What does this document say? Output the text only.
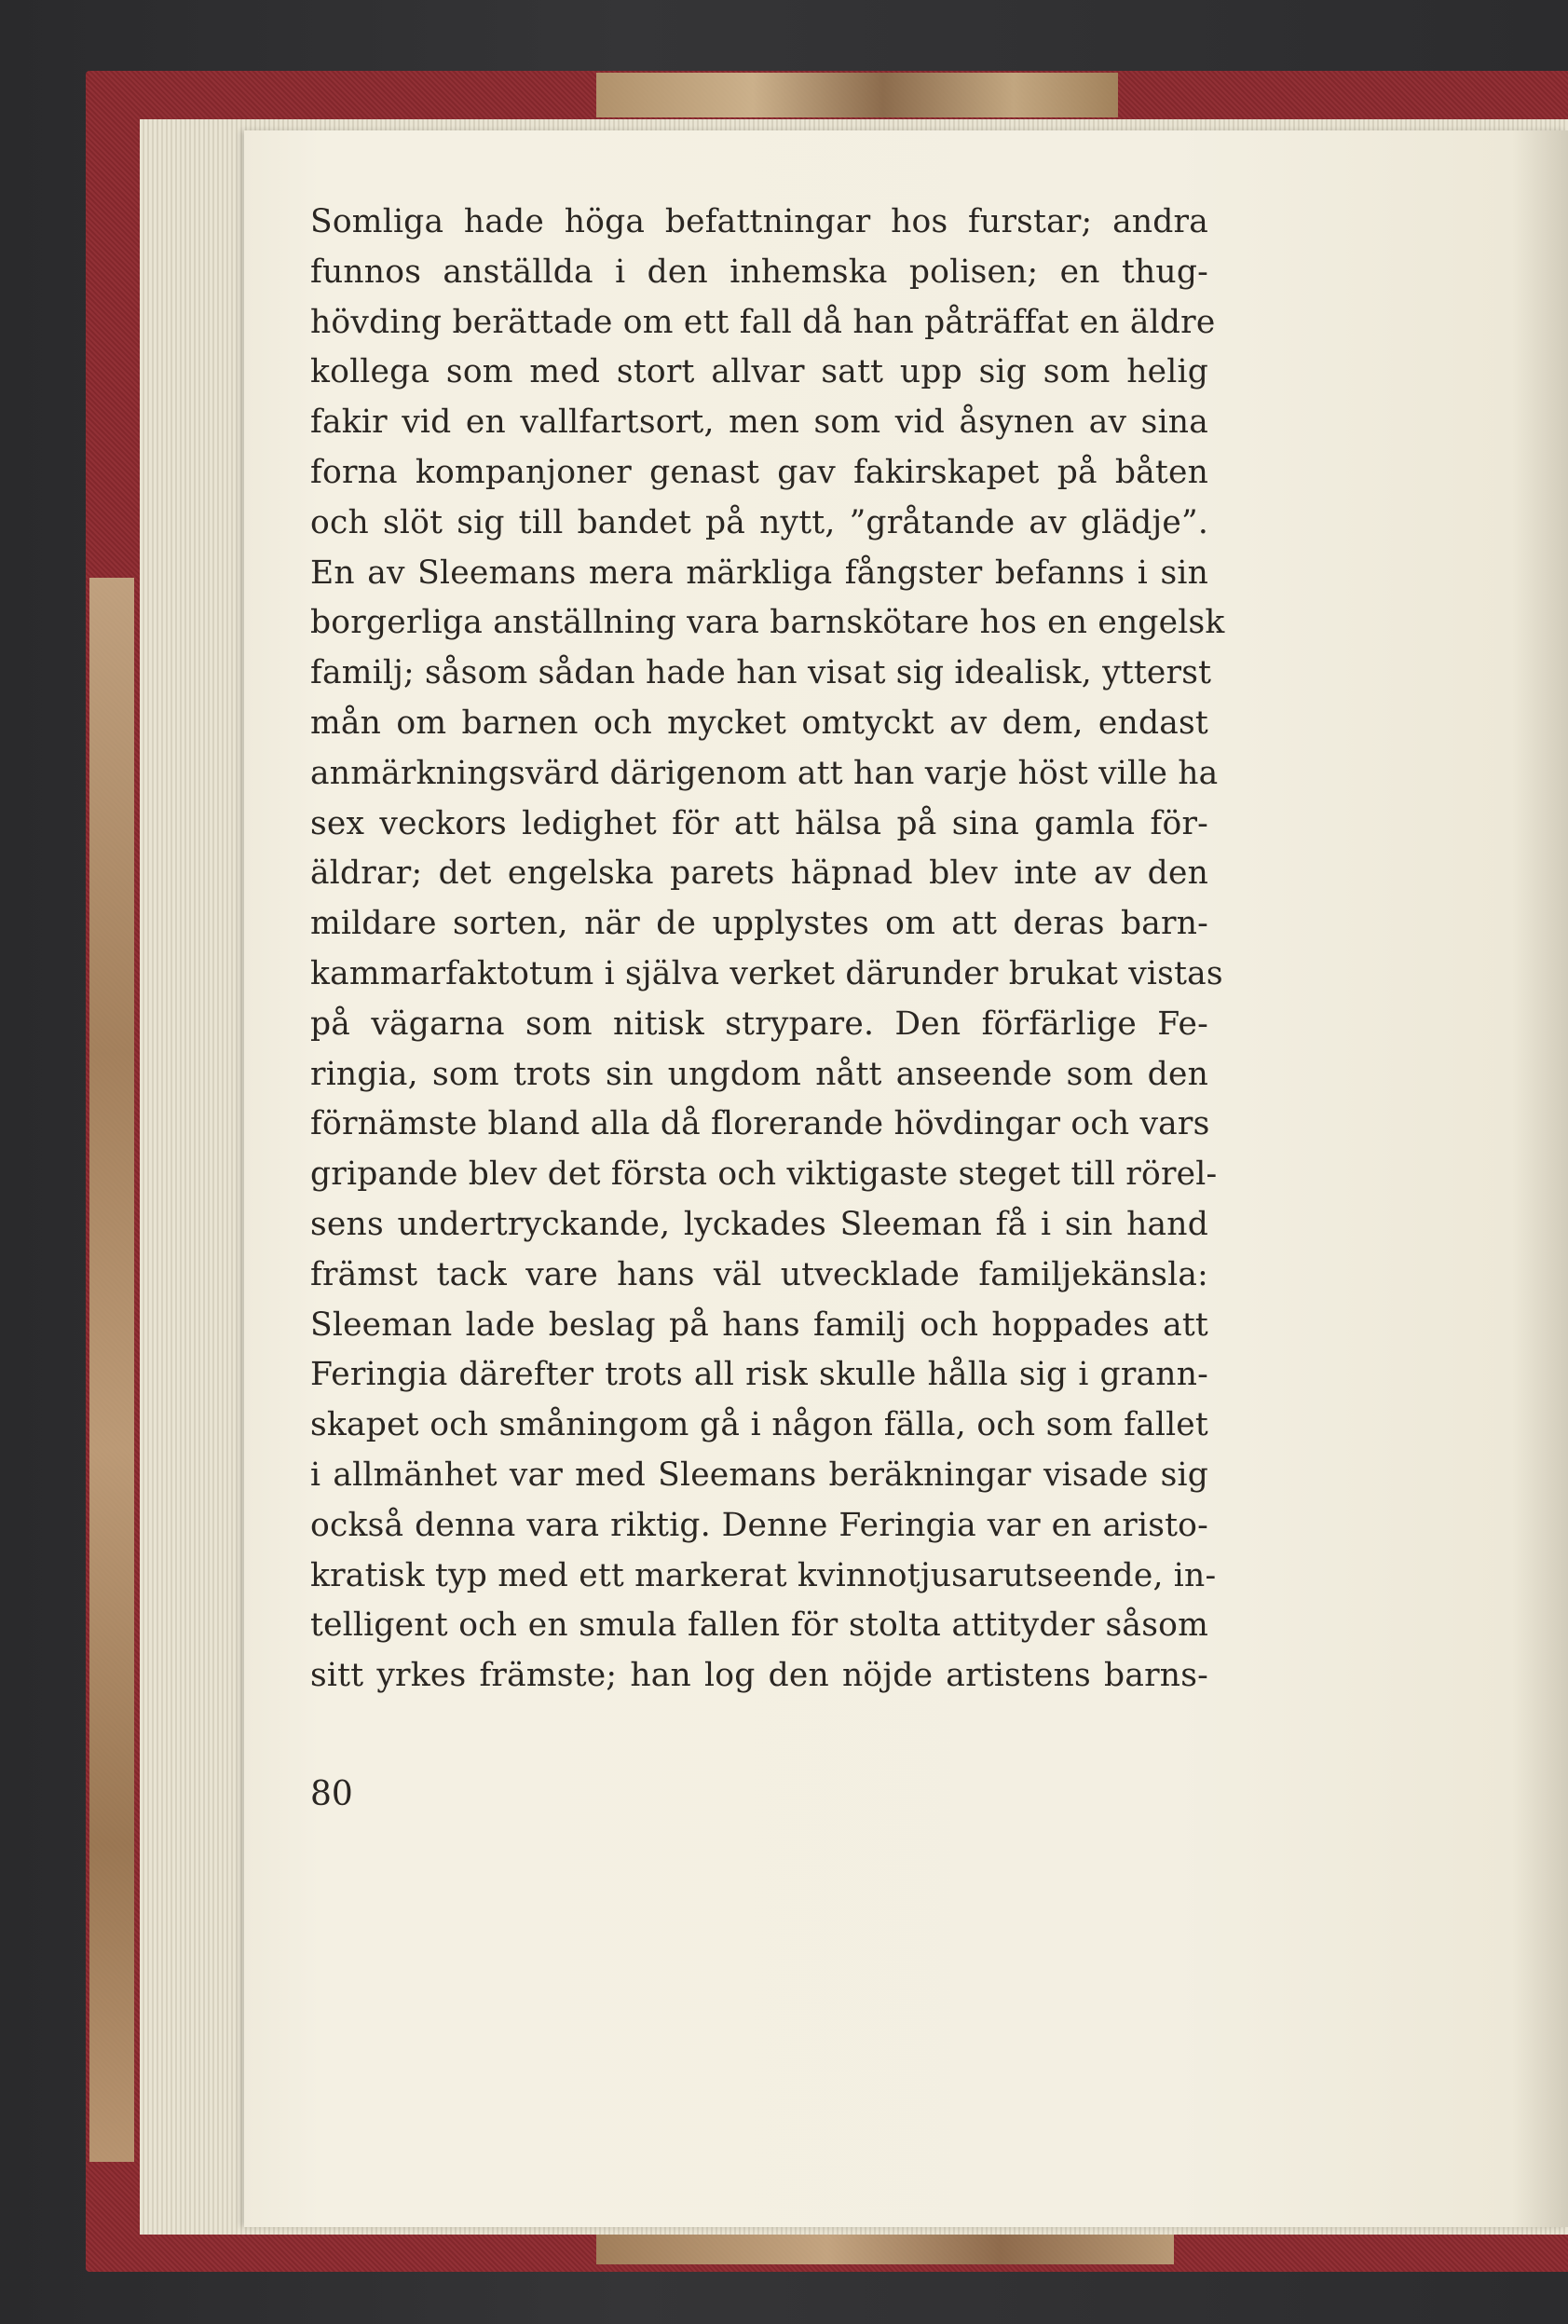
Somliga hade höga befattningar hos furstar; andra
funnos anställda i den inhemska polisen; en thug-
hövding berättade om ett fall då han påträffat en äldre
kollega som med stort allvar satt upp sig som helig
fakir vid en vallfartsort, men som vid åsynen av sina
forna kompanjoner genast gav fakirskapet på båten
och slöt sig till bandet på nytt, ”gråtande av glädje”.
En av Sleemans mera märkliga fångster befanns i sin
borgerliga anställning vara barnskötare hos en engelsk
familj; såsom sådan hade han visat sig idealisk, ytterst
mån om barnen och mycket omtyckt av dem, endast
anmärkningsvärd därigenom att han varje höst ville ha
sex veckors ledighet för att hälsa på sina gamla för-
äldrar; det engelska parets häpnad blev inte av den
mildare sorten, när de upplystes om att deras barn-
kammarfaktotum i själva verket därunder brukat vistas
på vägarna som nitisk strypare. Den förfärlige Fe-
ringia, som trots sin ungdom nått anseende som den
förnämste bland alla då florerande hövdingar och vars
gripande blev det första och viktigaste steget till rörel-
sens undertryckande, lyckades Sleeman få i sin hand
främst tack vare hans väl utvecklade familjekänsla:
Sleeman lade beslag på hans familj och hoppades att
Feringia därefter trots all risk skulle hålla sig i grann-
skapet och småningom gå i någon fälla, och som fallet
i allmänhet var med Sleemans beräkningar visade sig
också denna vara riktig. Denne Feringia var en aristo-
kratisk typ med ett markerat kvinnotjusarutseende, in-
telligent och en smula fallen för stolta attityder såsom
sitt yrkes främste; han log den nöjde artistens barns-

80
